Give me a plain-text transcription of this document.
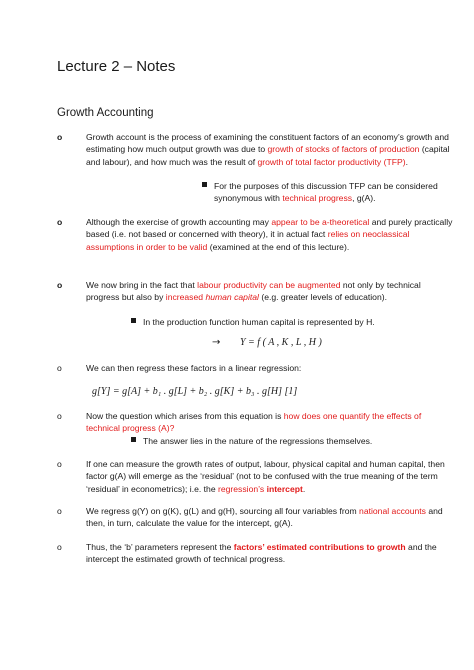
Lecture 2 – Notes
Growth Accounting
o	Growth account is the process of examining the constituent factors of an economy’s growth and estimating how much output growth was due to growth of stocks of factors of production (capital and labour), and how much was the result of growth of total factor productivity (TFP).
For the purposes of this discussion TFP can be considered synonymous with technical progress, g(A).
o	Although the exercise of growth accounting may appear to be a-theoretical and purely practically based (i.e. not based or concerned with theory), it in actual fact relies on neoclassical assumptions in order to be valid (examined at the end of this lecture).
o	We now bring in the fact that labour productivity can be augmented not only by technical progress but also by increased human capital (e.g. greater levels of education).
In the production function human capital is represented by H.
→ Y = f ( A , K , L , H )
o	We can then regress these factors in a linear regression:
g[Y] = g[A] + b₁ . g[L] + b₂ . g[K] + b₃ . g[H] [1]
o	Now the question which arises from this equation is how does one quantify the effects of technical progress (A)?
The answer lies in the nature of the regressions themselves.
o	If one can measure the growth rates of output, labour, physical capital and human capital, then factor g(A) will emerge as the ‘residual’ (not to be confused with the true meaning of the term ‘residual’ in econometrics); i.e. the regression’s intercept.
o	We regress g(Y) on g(K), g(L) and g(H), sourcing all four variables from national accounts and then, in turn, calculate the value for the intercept, g(A).
o	Thus, the ‘b’ parameters represent the factors’ estimated contributions to growth and the intercept the estimated growth of technical progress.
